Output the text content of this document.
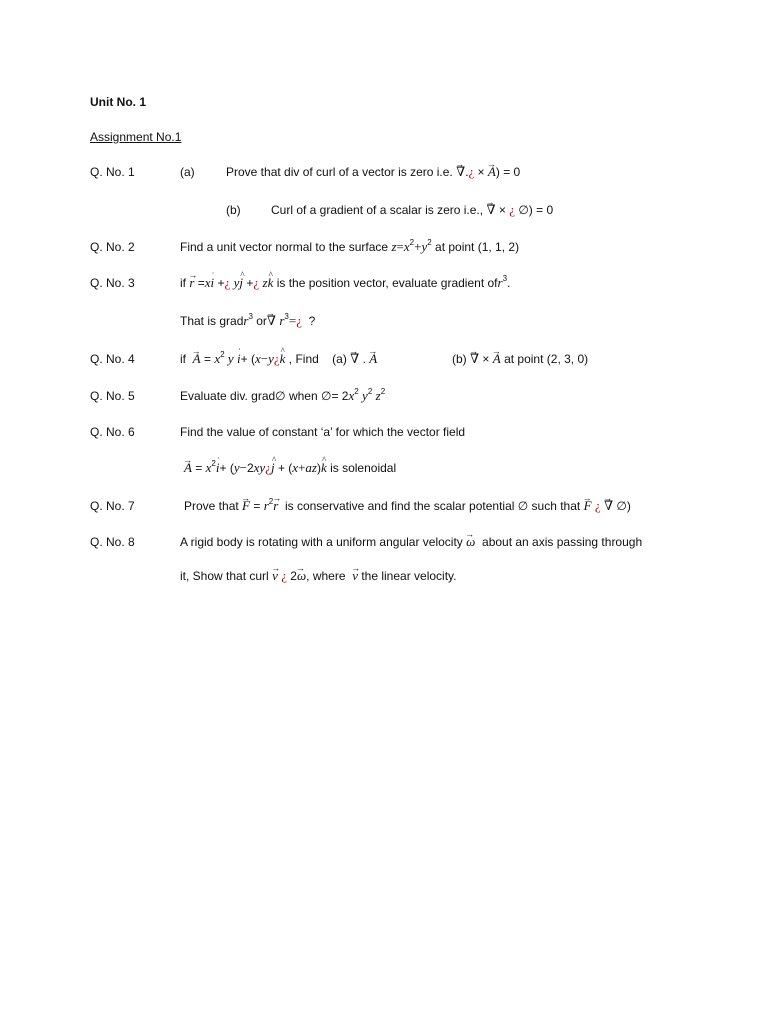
Unit No. 1
Assignment No.1
Q. No. 1	(a)	Prove that div of curl of a vector is zero i.e. → ∇.¿ × → A) = 0
(b)	Curl of a gradient of a scalar is zero i.e., → ∇ × ¿ ∅) = 0
Q. No. 2	Find a unit vector normal to the surface $z=x^2+y^2$ at point (1, 1, 2)
Q. No. 3	if → r =x˙ i +¿ y^ j +¿ z^ k is the position vector, evaluate gradient ofr$^3$.
That is gradr$^3$ or→ ∇ $r^3=¿$ ?
Q. No. 4	if → $A = x^2$ y ˙ i+ (x−y¿^ k , Find (a) → ∇ . → A	(b) → ∇ × → A at point (2, 3, 0)
Q. No. 5	Evaluate div. grad∅ when ∅= $2x^2$ $y^2$ $z^2$
Q. No. 6	Find the value of constant ‘a’ for which the vector field
→ $A = x^2˙$ i+ (y−2xy¿^ j + (x+az)^ k is solenoidal
Q. No. 7	Prove that → $F = r^2\to r$ is conservative and find the scalar potential ∅ such that → F ¿ → ∇ ∅)
Q. No. 8	A rigid body is rotating with a uniform angular velocity → ω about an axis passing through
it, Show that curl → v ¿ 2→ ω, where → v the linear velocity.
